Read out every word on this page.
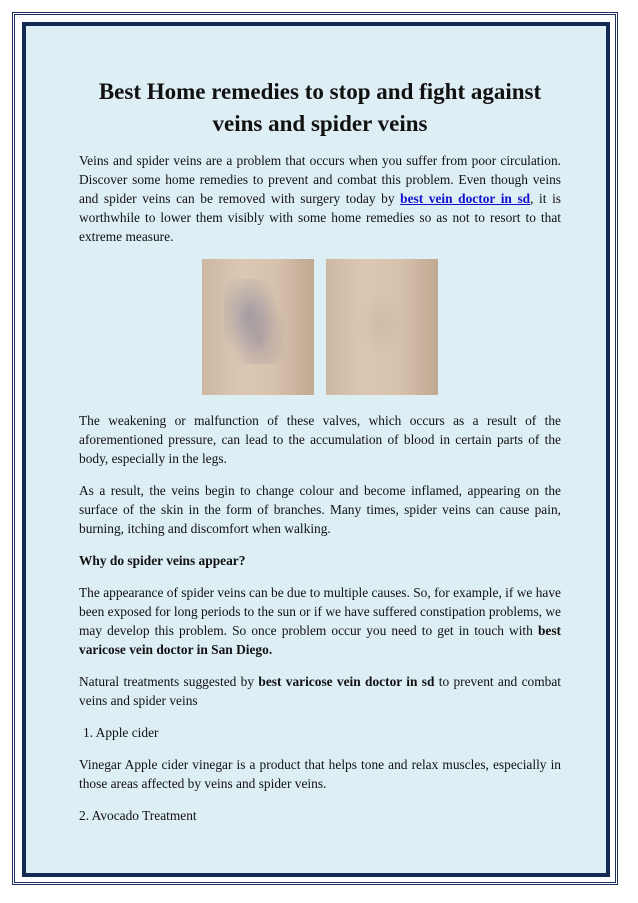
Best Home remedies to stop and fight against veins and spider veins

Veins and spider veins are a problem that occurs when you suffer from poor circulation. Discover some home remedies to prevent and combat this problem. Even though veins and spider veins can be removed with surgery today by best vein doctor in sd, it is worthwhile to lower them visibly with some home remedies so as not to resort to that extreme measure.

The weakening or malfunction of these valves, which occurs as a result of the aforementioned pressure, can lead to the accumulation of blood in certain parts of the body, especially in the legs.

As a result, the veins begin to change colour and become inflamed, appearing on the surface of the skin in the form of branches. Many times, spider veins can cause pain, burning, itching and discomfort when walking.

Why do spider veins appear?

The appearance of spider veins can be due to multiple causes. So, for example, if we have been exposed for long periods to the sun or if we have suffered constipation problems, we may develop this problem. So once problem occur you need to get in touch with best varicose vein doctor in San Diego.

Natural treatments suggested by best varicose vein doctor in sd to prevent and combat veins and spider veins

1. Apple cider

Vinegar Apple cider vinegar is a product that helps tone and relax muscles, especially in those areas affected by veins and spider veins.

2. Avocado Treatment
